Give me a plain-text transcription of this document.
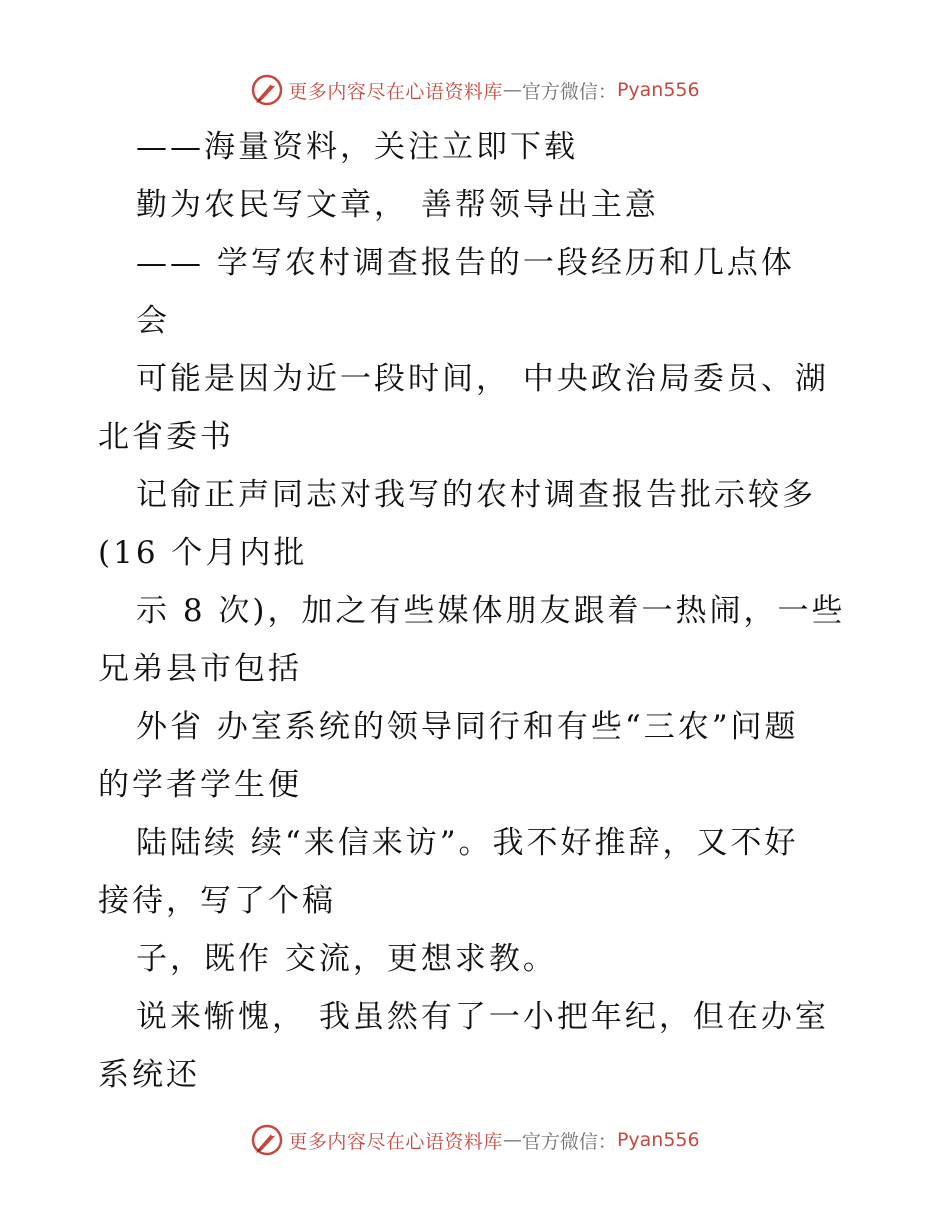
更多内容尽在心语资料库 — 官方微信： Pyan556
——海量资料，关注立即下载
勤为农民写文章， 善帮领导出主意
—— 学写农村调查报告的一段经历和几点体
会
可能是因为近一段时间， 中央政治局委员、湖
北省委书
记俞正声同志对我写的农村调查报告批示较多
(16 个月内批
示 8 次)，加之有些媒体朋友跟着一热闹，一些
兄弟县市包括
外省 办室系统的领导同行和有些“三农”问题
的学者学生便
陆陆续 续“来信来访”。我不好推辞，又不好
接待，写了个稿
子，既作 交流，更想求教。
说来惭愧， 我虽然有了一小把年纪，但在办室
系统还
更多内容尽在心语资料库 — 官方微信： Pyan556
